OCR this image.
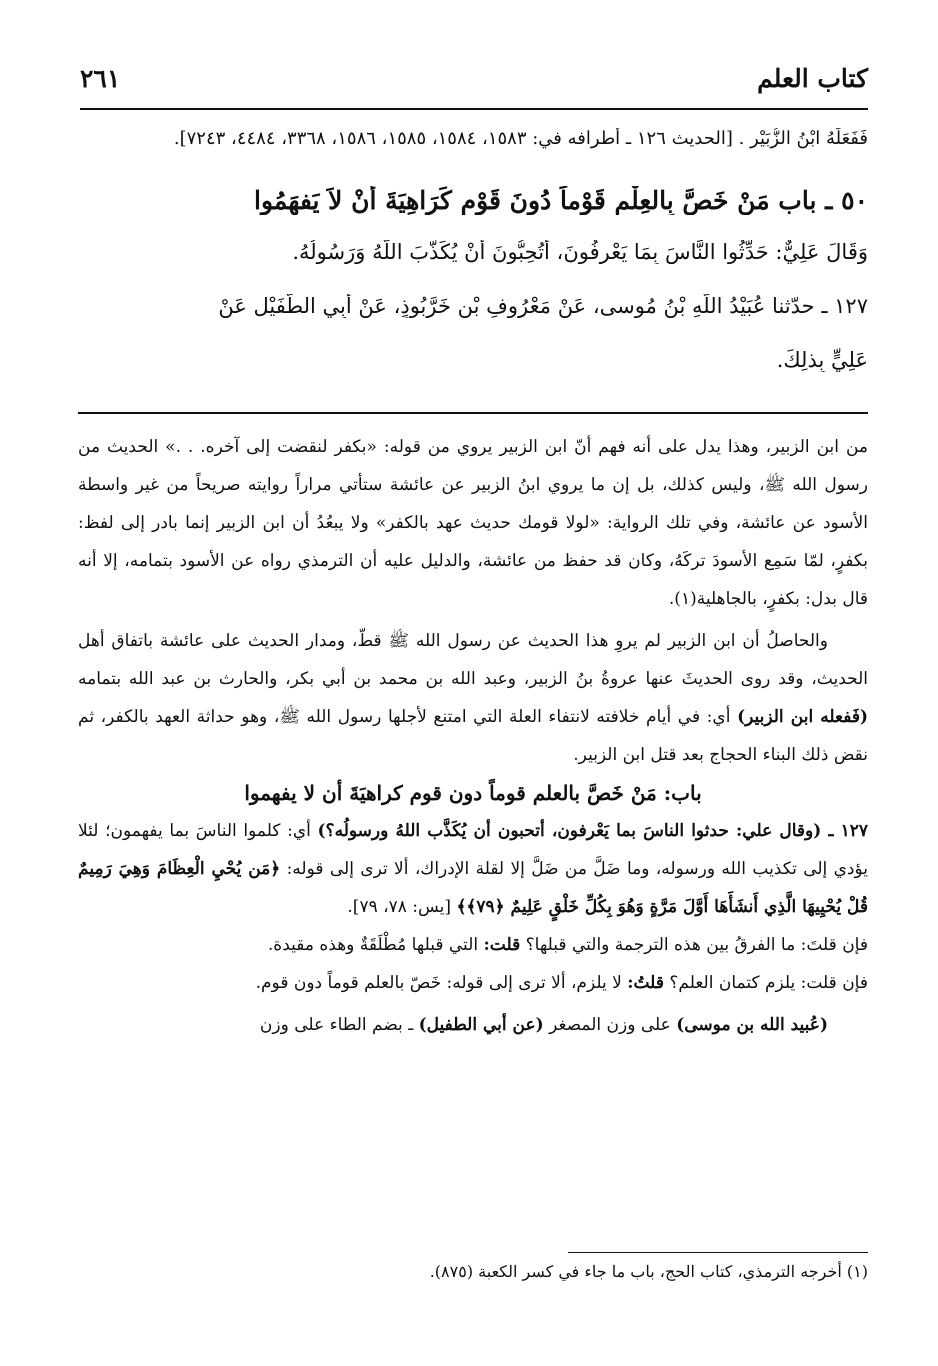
كتاب العلم
٢٦١
فَفَعَلَهُ ابْنُ الزُّبَيْرِ . [الحديث ١٢٦ ـ أطرافه في: ١٥٨٣، ١٥٨٤، ١٥٨٥، ١٥٨٦، ٣٣٦٨، ٤٤٨٤، ٧٢٤٣].
٥٠ ـ باب مَنْ خَصَّ بِالعِلْمِ قَوْماً دُونَ قَوْمٍ كَرَاهِيَةَ أَنْ لاَ يَفهَمُوا
وَقَالَ عَلِيٌّ: حَدِّثُوا النَّاسَ بِمَا يَعْرِفُونَ، أَتُحِبُّونَ أَنْ يُكَذَّبَ اللَّهُ وَرَسُولُهُ.
١٢٧ ـ حدّثنا عُبَيْدُ اللَّهِ بْنُ مُوسى، عَنْ مَعْرُوفِ بْنِ خَرَّبُوذٍ، عَنْ أَبِي الطُّفَيْلِ عَنْ
عَلِيٍّ بِذلِكَ.

من ابن الزبير، وهذا يدل على أنه فهم أنّ ابن الزبير يروي من قوله: «بكفر لنقضت إلى آخره. . .» الحديث من رسول الله ﷺ، وليس كذلك، بل إن ما يروي ابنُ الزبير عن عائشة ستأتي مراراً روايته صريحاً من غير واسطة الأسود عن عائشة، وفي تلك الرواية: «لولا قومك حديث عهد بالكفر» ولا يبعُدُ أن ابن الزبير إنما بادر إلى لفظ: بكفرٍ، لمّا سَمِع الأسودَ تركَهُ، وكان قد حفظ من عائشة، والدليل عليه أن الترمذي رواه عن الأسود بتمامه، إلا أنه قال بدل: بكفرٍ، بالجاهلية(١).

والحاصلُ أن ابن الزبير لم يروِ هذا الحديث عن رسول الله ﷺ قطّ، ومدار الحديث على عائشة باتفاق أهل الحديث، وقد روى الحديثَ عنها عروةُ بنُ الزبير، وعبد الله بن محمد بن أبي بكر، والحارث بن عبد الله بتمامه (فَفعله ابن الزبير) أي: في أيام خلافته لانتفاء العلة التي امتنع لأجلها رسول الله ﷺ، وهو حداثة العهد بالكفر، ثم نقض ذلك البناء الحجاج بعد قتل ابن الزبير.

باب: مَنْ خَصَّ بالعلم قوماً دون قوم كراهيَةَ أن لا يفهموا

١٢٧ ـ (وقال علي: حدثوا الناسَ بما يَعْرفون، أتحبون أن يُكَذَّب اللهُ ورسولُه؟) أي: كلموا الناسَ بما يفهمون؛ لئلا يؤدي إلى تكذيب الله ورسوله، وما ضَلَّ من ضَلَّ إلا لقلة الإدراك، ألا ترى إلى قوله: ﴿مَن يُحْيِ الْعِظَامَ وَهِيَ رَمِيمٌ قُلْ يُحْيِيهَا الَّذِي أَنشَأَهَا أَوَّلَ مَرَّةٍ وَهُوَ بِكُلِّ خَلْقٍ عَلِيمٌ ﴿٧٩﴾﴾ [يس: ٧٨، ٧٩].

فإن قلتَ: ما الفرقُ بين هذه الترجمة والتي قبلها؟ قلت: التي قبلها مُطْلَقَةٌ وهذه مقيدة.

فإن قلت: يلزم كتمان العلم؟ قلتُ: لا يلزم، ألا ترى إلى قوله: خَصّ بالعلم قوماً دون قوم.

(عُبيد الله بن موسى) على وزن المصغر (عن أبي الطفيل) ـ بضم الطاء على وزن

(١) أخرجه الترمذي، كتاب الحج، باب ما جاء في كسر الكعبة (٨٧٥).
